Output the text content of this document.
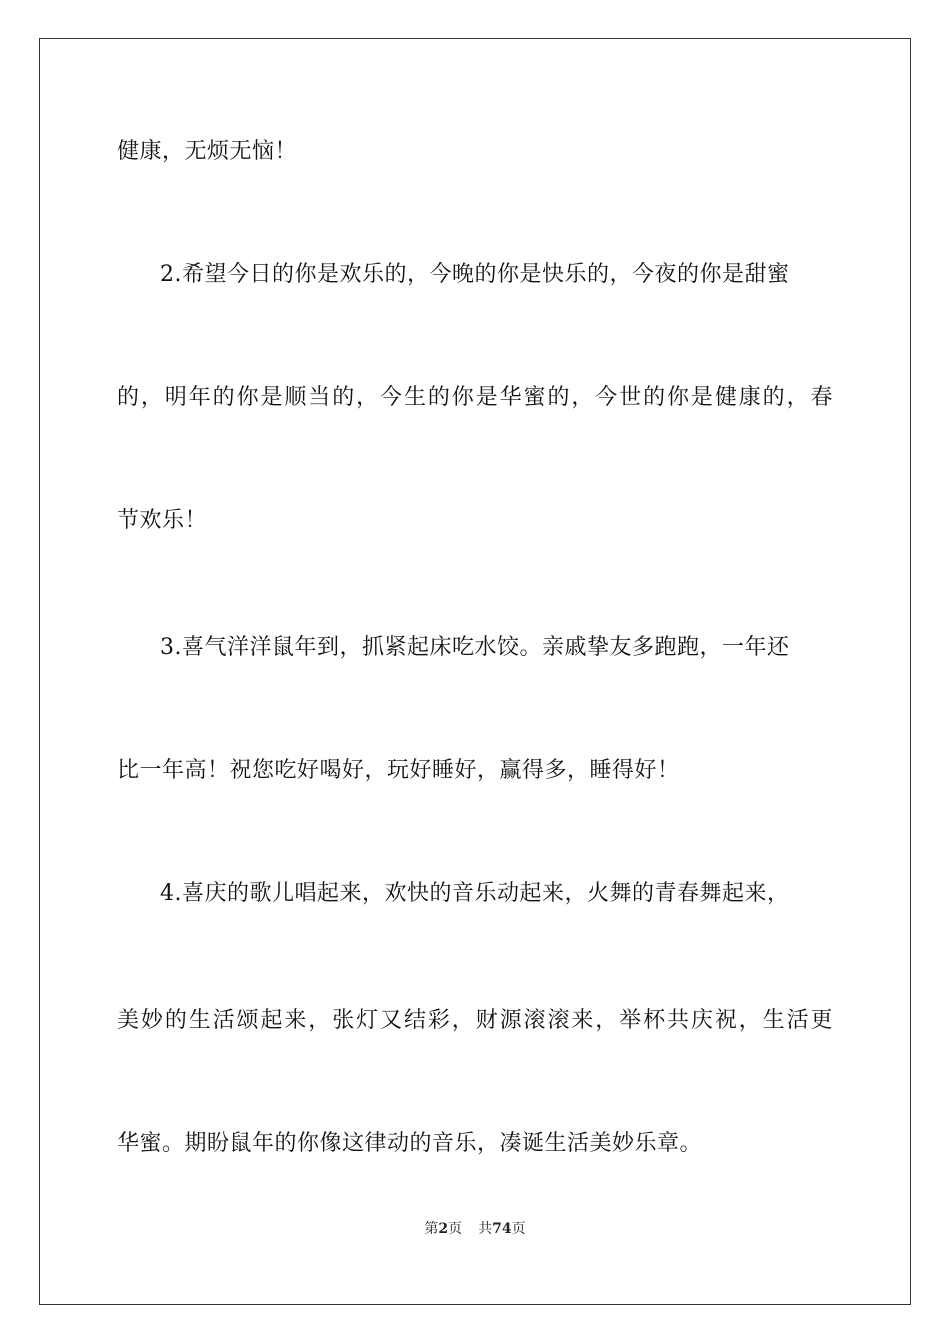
健康，无烦无恼！
2.希望今日的你是欢乐的，今晚的你是快乐的，今夜的你是甜蜜
的，明年的你是顺当的，今生的你是华蜜的，今世的你是健康的，春
节欢乐！
3.喜气洋洋鼠年到，抓紧起床吃水饺。亲戚挚友多跑跑，一年还
比一年高！祝您吃好喝好，玩好睡好，赢得多，睡得好！
4.喜庆的歌儿唱起来，欢快的音乐动起来，火舞的青春舞起来，
美妙的生活颂起来，张灯又结彩，财源滚滚来，举杯共庆祝，生活更
华蜜。期盼鼠年的你像这律动的音乐，凑诞生活美妙乐章。
第2页 共74页
